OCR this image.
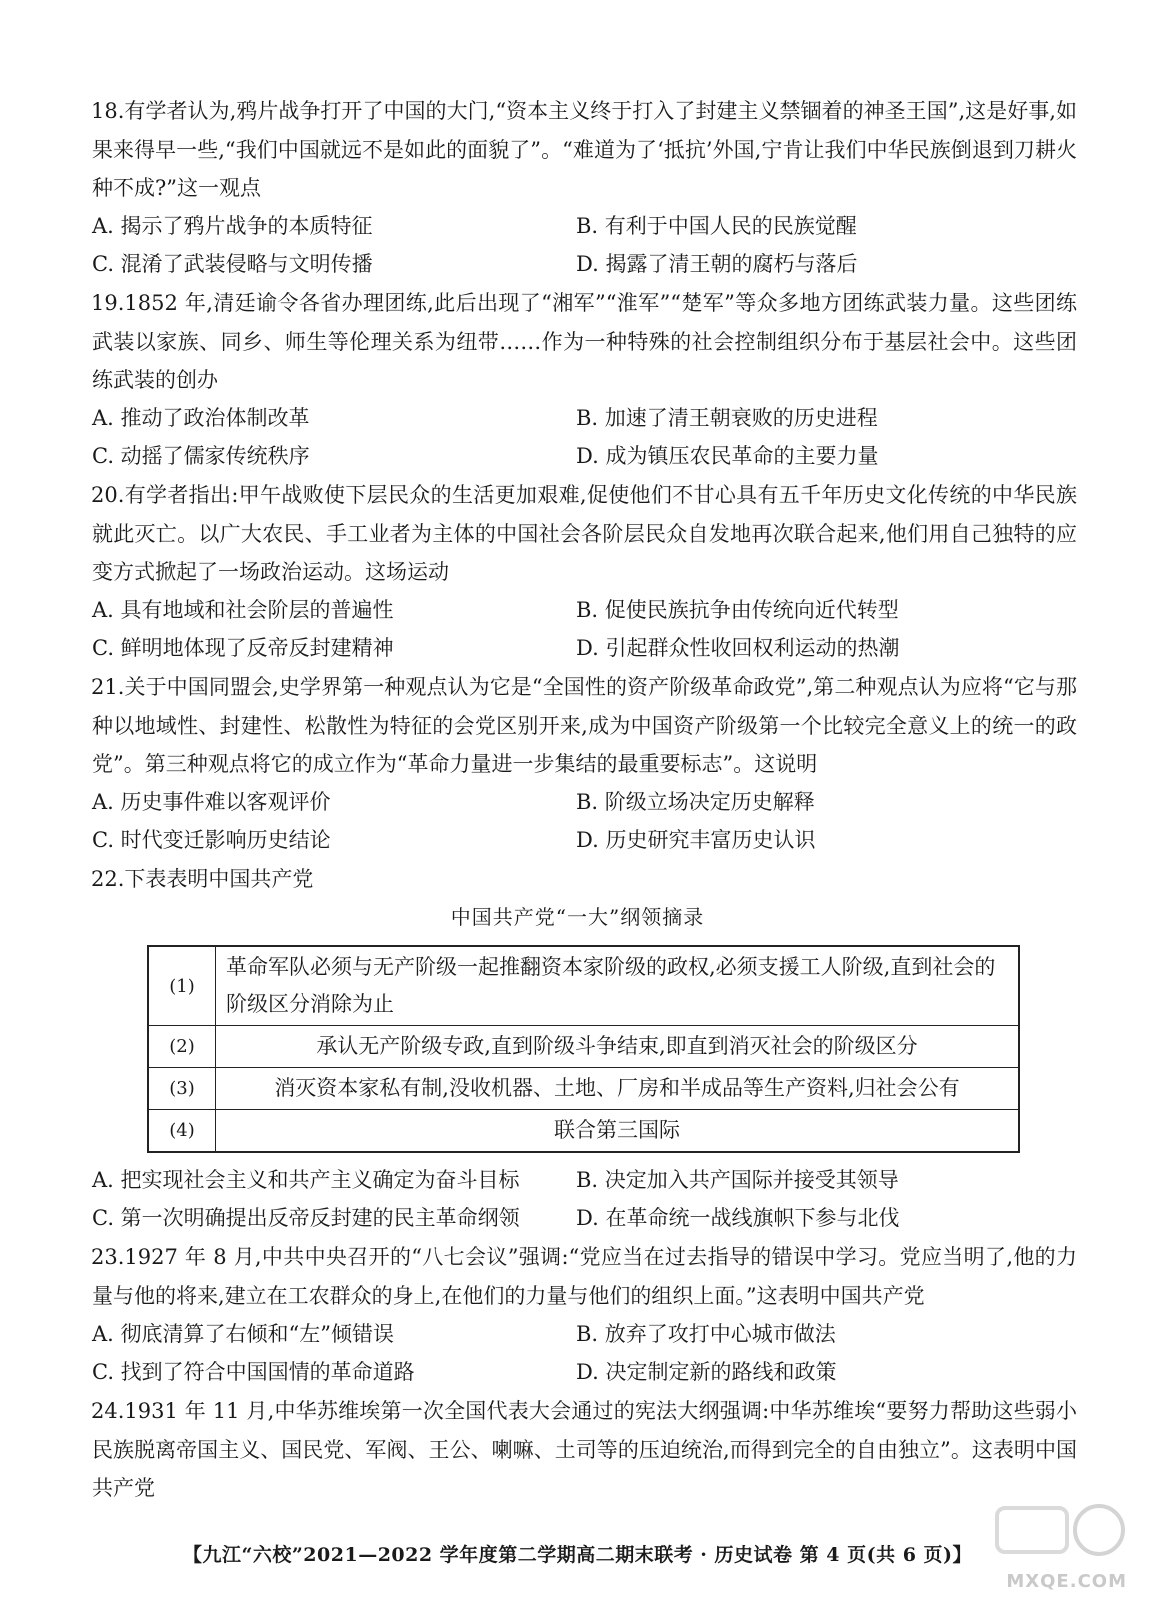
18.有学者认为,鸦片战争打开了中国的大门,“资本主义终于打入了封建主义禁锢着的神圣王国”,这是好事,如果来得早一些,“我们中国就远不是如此的面貌了”。“难道为了‘抵抗’外国,宁肯让我们中华民族倒退到刀耕火种不成?”这一观点
A. 揭示了鸦片战争的本质特征	B. 有利于中国人民的民族觉醒
C. 混淆了武装侵略与文明传播	D. 揭露了清王朝的腐朽与落后
19.1852 年,清廷谕令各省办理团练,此后出现了“湘军”“淮军”“楚军”等众多地方团练武装力量。这些团练武装以家族、同乡、师生等伦理关系为纽带……作为一种特殊的社会控制组织分布于基层社会中。这些团练武装的创办
A. 推动了政治体制改革	B. 加速了清王朝衰败的历史进程
C. 动摇了儒家传统秩序	D. 成为镇压农民革命的主要力量
20.有学者指出:甲午战败使下层民众的生活更加艰难,促使他们不甘心具有五千年历史文化传统的中华民族就此灭亡。以广大农民、手工业者为主体的中国社会各阶层民众自发地再次联合起来,他们用自己独特的应变方式掀起了一场政治运动。这场运动
A. 具有地域和社会阶层的普遍性	B. 促使民族抗争由传统向近代转型
C. 鲜明地体现了反帝反封建精神	D. 引起群众性收回权利运动的热潮
21.关于中国同盟会,史学界第一种观点认为它是“全国性的资产阶级革命政党”,第二种观点认为应将“它与那种以地域性、封建性、松散性为特征的会党区别开来,成为中国资产阶级第一个比较完全意义上的统一的政党”。第三种观点将它的成立作为“革命力量进一步集结的最重要标志”。这说明
A. 历史事件难以客观评价	B. 阶级立场决定历史解释
C. 时代变迁影响历史结论	D. 历史研究丰富历史认识
22.下表表明中国共产党
中国共产党“一大”纲领摘录
(1)	革命军队必须与无产阶级一起推翻资本家阶级的政权,必须支援工人阶级,直到社会的阶级区分消除为止
(2)	承认无产阶级专政,直到阶级斗争结束,即直到消灭社会的阶级区分
(3)	消灭资本家私有制,没收机器、土地、厂房和半成品等生产资料,归社会公有
(4)	联合第三国际
A. 把实现社会主义和共产主义确定为奋斗目标	B. 决定加入共产国际并接受其领导
C. 第一次明确提出反帝反封建的民主革命纲领	D. 在革命统一战线旗帜下参与北伐
23.1927 年 8 月,中共中央召开的“八七会议”强调:“党应当在过去指导的错误中学习。党应当明了,他的力量与他的将来,建立在工农群众的身上,在他们的力量与他们的组织上面。”这表明中国共产党
A. 彻底清算了右倾和“左”倾错误	B. 放弃了攻打中心城市做法
C. 找到了符合中国国情的革命道路	D. 决定制定新的路线和政策
24.1931 年 11 月,中华苏维埃第一次全国代表大会通过的宪法大纲强调:中华苏维埃“要努力帮助这些弱小民族脱离帝国主义、国民党、军阀、王公、喇嘛、土司等的压迫统治,而得到完全的自由独立”。这表明中国共产党
【九江“六校”2021—2022 学年度第二学期高二期末联考 · 历史试卷 第 4 页(共 6 页)】
MXQE.COM
